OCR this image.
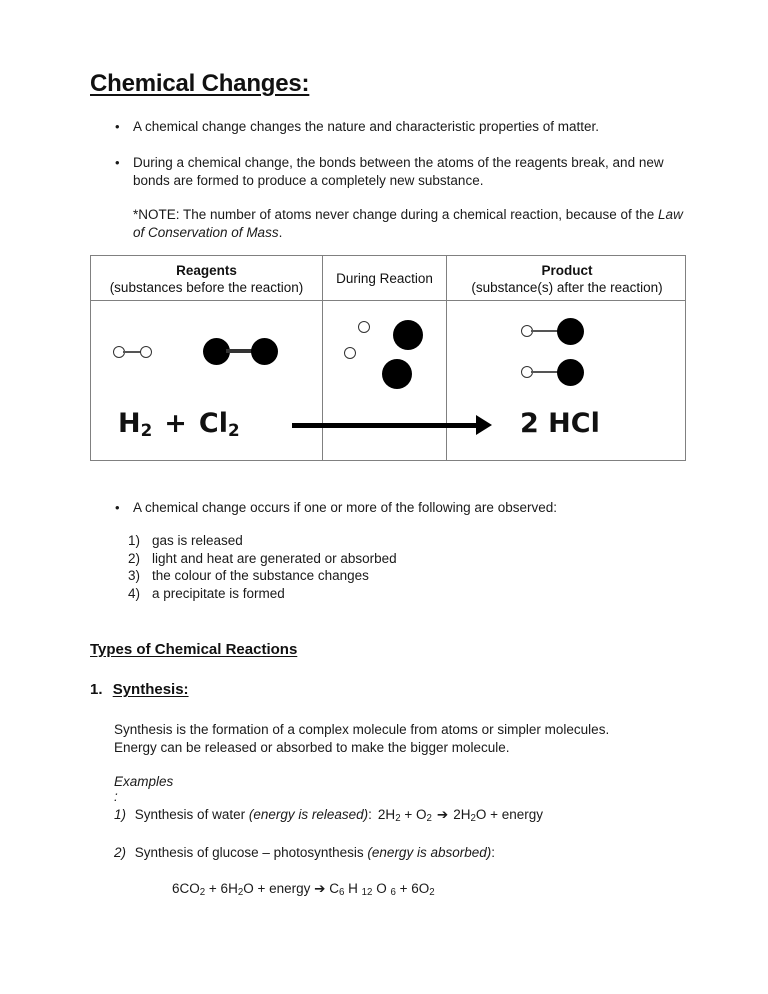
Chemical Changes:
• A chemical change changes the nature and characteristic properties of matter.
• During a chemical change, the bonds between the atoms of the reagents break, and new bonds are formed to produce a completely new substance.
*NOTE: The number of atoms never change during a chemical reaction, because of the Law of Conservation of Mass.
Reagents
(substances before the reaction)
During Reaction
Product
(substance(s) after the reaction)
$H_2 + Cl_2$	2 HCl
• A chemical change occurs if one or more of the following are observed:
1) gas is released
2) light and heat are generated or absorbed
3) the colour of the substance changes
4) a precipitate is formed
Types of Chemical Reactions
1. Synthesis:
Synthesis is the formation of a complex molecule from atoms or simpler molecules.
Energy can be released or absorbed to make the bigger molecule.
Examples
:
1) Synthesis of water (energy is released): $2H_2 + O_2$ ➔ $2H_2O$ + energy
2) Synthesis of glucose – photosynthesis (energy is absorbed):
$6CO_2 + 6H_2O$ + energy ➔ $C_6$ H $_{12}$ O $_6 + 6O_2$
